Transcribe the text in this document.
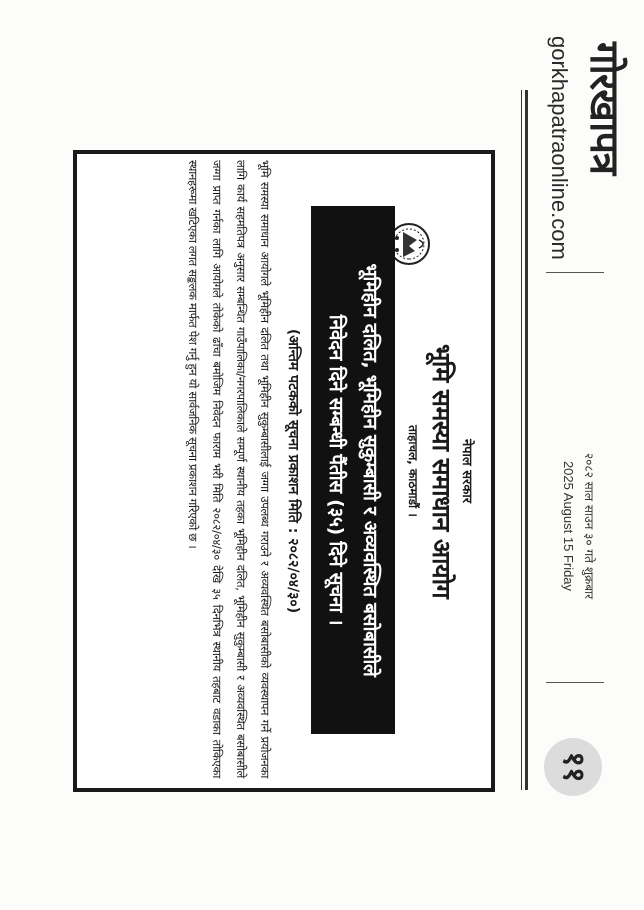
गोरखापत्र
gorkhapatraonline.com
२०८२ साल साउन ३० गते शुक्रबार
2025 August 15 Friday
११
नेपाल सरकार
भूमि समस्या समाधान आयोग
ताहाचल, काठमाडौं ।
भूमिहीन दलित, भूमिहीन सुकुम्बासी र अव्यवस्थित बसोबासीले
निवेदन दिने सम्बन्धी पैंतीस (३५) दिने सूचना ।
(अन्तिम पटकको सूचना प्रकाशन मिति : २०८२/०४/३०)

भूमि समस्या समाधान आयोगले भूमिहीन दलित तथा भूमिहीन सुकुम्बासीलाई जग्गा उपलब्ध गराउने र अव्यवस्थित बसोबासीको व्यवस्थापन गर्ने प्रयोजनका लागि कार्य सहमतिपत्र अनुसार सम्बन्धित गाउँपालिका/नगरपालिकाले सम्पूर्ण स्थानीय तहका भूमिहीन दलित, भूमिहीन सुकुम्बासी र अव्यवस्थित बसोबासीले जग्गा प्राप्त गर्नका लागि आयोगले तोकेको ढाँचा बमोजिम निवेदन फाराम भरी मिति २०८२/०४/३० देखि ३५ दिनभित्र स्थानीय तहबाट वडाका तोकिएका स्थानहरूमा खटिएका लगत सङ्कलक मार्फत पेश गर्नु हुन यो सार्वजनिक सूचना प्रकाशन गरिएको छ ।
